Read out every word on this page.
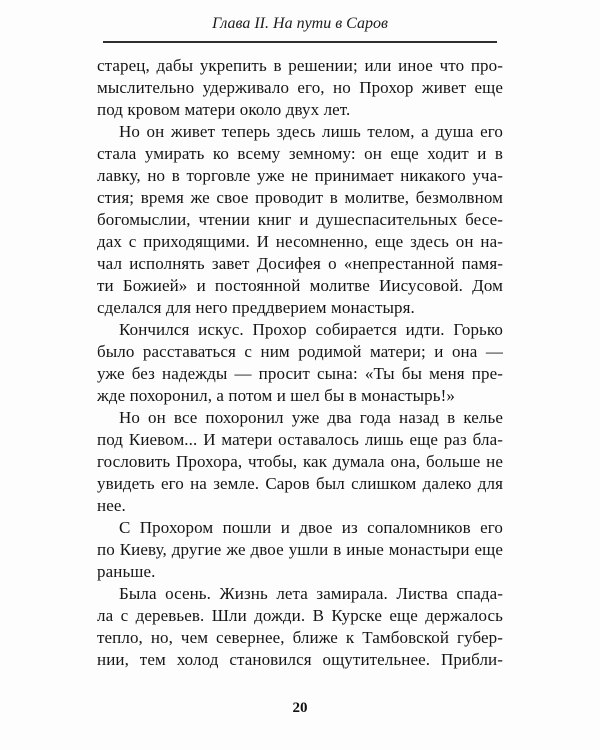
Глава II. На пути в Саров
старец, дабы укрепить в решении; или иное что про-
мыслительно удерживало его, но Прохор живет еще
под кровом матери около двух лет.
Но он живет теперь здесь лишь телом, а душа его
стала умирать ко всему земному: он еще ходит и в
лавку, но в торговле уже не принимает никакого уча-
стия; время же свое проводит в молитве, безмолвном
богомыслии, чтении книг и душеспасительных бесе-
дах с приходящими. И несомненно, еще здесь он на-
чал исполнять завет Досифея о «непрестанной памя-
ти Божией» и постоянной молитве Иисусовой. Дом
сделался для него преддверием монастыря.
Кончился искус. Прохор собирается идти. Горько
было расставаться с ним родимой матери; и она —
уже без надежды — просит сына: «Ты бы меня пре-
жде похоронил, а потом и шел бы в монастырь!»
Но он все похоронил уже два года назад в келье
под Киевом... И матери оставалось лишь еще раз бла-
гословить Прохора, чтобы, как думала она, больше не
увидеть его на земле. Саров был слишком далеко для
нее.
С Прохором пошли и двое из сопаломников его
по Киеву, другие же двое ушли в иные монастыри еще
раньше.
Была осень. Жизнь лета замирала. Листва спада-
ла с деревьев. Шли дожди. В Курске еще держалось
тепло, но, чем севернее, ближе к Тамбовской губер-
нии, тем холод становился ощутительнее. Прибли-
20
